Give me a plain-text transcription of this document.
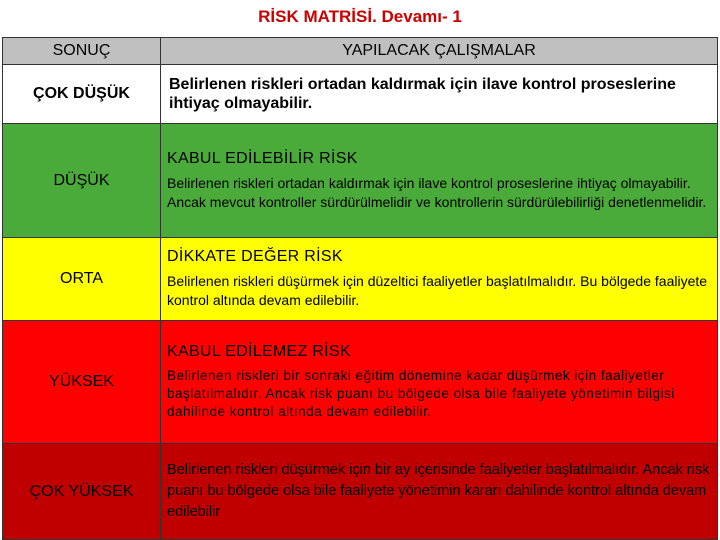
RİSK MATRİSİ. Devamı- 1
SONUÇ	YAPILACAK ÇALIŞMALAR
ÇOK DÜŞÜK	Belirlenen riskleri ortadan kaldırmak için ilave kontrol proseslerine ihtiyaç olmayabilir.
DÜŞÜK	KABUL EDİLEBİLİR RİSK
Belirlenen riskleri ortadan kaldırmak için ilave kontrol proseslerine ihtiyaç olmayabilir. Ancak mevcut kontroller sürdürülmelidir ve kontrollerin sürdürülebilirliği denetlenmelidir.

ORTA	DİKKATE DEĞER RİSK
Belirlenen riskleri düşürmek için düzeltici faaliyetler başlatılmalıdır. Bu bölgede faaliyete kontrol altında devam edilebilir.

YÜKSEK	KABUL EDİLEMEZ RİSK
Belirlenen riskleri bir sonraki eğitim dönemine kadar düşürmek için faaliyetler başlatılmalıdır. Ancak risk puanı bu bölgede olsa bile faaliyete yönetimin bilgisi dahilinde kontrol altında devam edilebilir.

ÇOK YÜKSEK	Belirlenen riskleri düşürmek için bir ay içerisinde faaliyetler başlatılmalıdır. Ancak risk puanı bu bölgede olsa bile faaliyete yönetimin kararı dahilinde kontrol altında devam edilebilir
